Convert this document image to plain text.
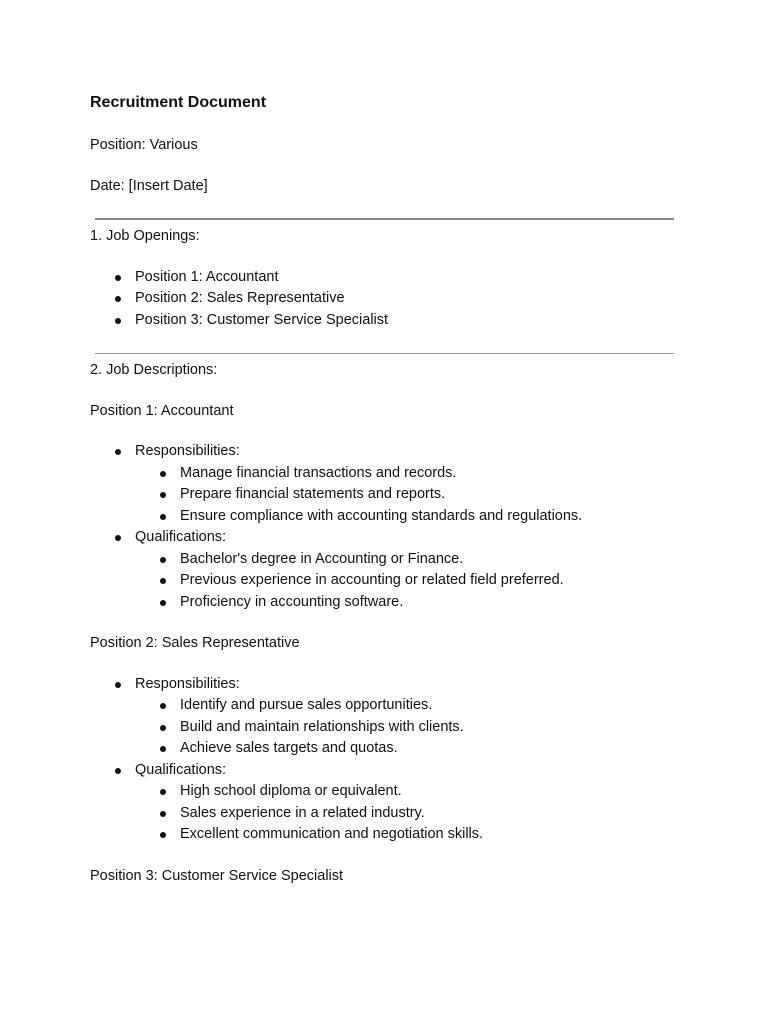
Recruitment Document
Position: Various
Date: [Insert Date]
1. Job Openings:
Position 1: Accountant
Position 2: Sales Representative
Position 3: Customer Service Specialist
2. Job Descriptions:
Position 1: Accountant
Responsibilities:
Manage financial transactions and records.
Prepare financial statements and reports.
Ensure compliance with accounting standards and regulations.
Qualifications:
Bachelor's degree in Accounting or Finance.
Previous experience in accounting or related field preferred.
Proficiency in accounting software.
Position 2: Sales Representative
Responsibilities:
Identify and pursue sales opportunities.
Build and maintain relationships with clients.
Achieve sales targets and quotas.
Qualifications:
High school diploma or equivalent.
Sales experience in a related industry.
Excellent communication and negotiation skills.
Position 3: Customer Service Specialist
